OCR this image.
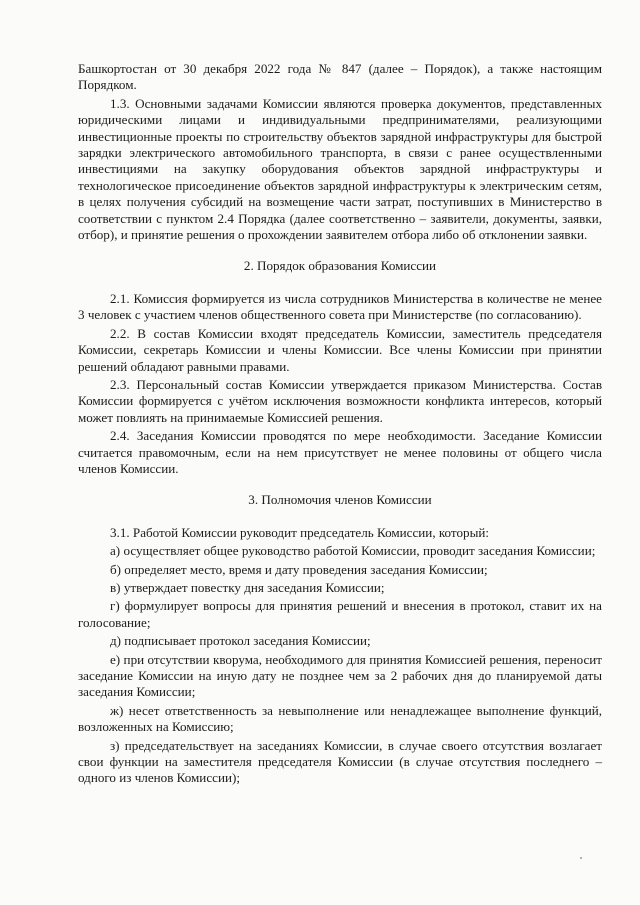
Башкортостан от 30 декабря 2022 года № 847 (далее – Порядок), а также настоящим Порядком.

1.3. Основными задачами Комиссии являются проверка документов, представленных юридическими лицами и индивидуальными предпринимателями, реализующими инвестиционные проекты по строительству объектов зарядной инфраструктуры для быстрой зарядки электрического автомобильного транспорта, в связи с ранее осуществленными инвестициями на закупку оборудования объектов зарядной инфраструктуры и технологическое присоединение объектов зарядной инфраструктуры к электрическим сетям, в целях получения субсидий на возмещение части затрат, поступивших в Министерство в соответствии с пунктом 2.4 Порядка (далее соответственно – заявители, документы, заявки, отбор), и принятие решения о прохождении заявителем отбора либо об отклонении заявки.

2. Порядок образования Комиссии

2.1. Комиссия формируется из числа сотрудников Министерства в количестве не менее 3 человек с участием членов общественного совета при Министерстве (по согласованию).

2.2. В состав Комиссии входят председатель Комиссии, заместитель председателя Комиссии, секретарь Комиссии и члены Комиссии. Все члены Комиссии при принятии решений обладают равными правами.

2.3. Персональный состав Комиссии утверждается приказом Министерства. Состав Комиссии формируется с учётом исключения возможности конфликта интересов, который может повлиять на принимаемые Комиссией решения.

2.4. Заседания Комиссии проводятся по мере необходимости. Заседание Комиссии считается правомочным, если на нем присутствует не менее половины от общего числа членов Комиссии.

3. Полномочия членов Комиссии

3.1. Работой Комиссии руководит председатель Комиссии, который:

а) осуществляет общее руководство работой Комиссии, проводит заседания Комиссии;

б) определяет место, время и дату проведения заседания Комиссии;

в) утверждает повестку дня заседания Комиссии;

г) формулирует вопросы для принятия решений и внесения в протокол, ставит их на голосование;

д) подписывает протокол заседания Комиссии;

е) при отсутствии кворума, необходимого для принятия Комиссией решения, переносит заседание Комиссии на иную дату не позднее чем за 2 рабочих дня до планируемой даты заседания Комиссии;

ж) несет ответственность за невыполнение или ненадлежащее выполнение функций, возложенных на Комиссию;

з) председательствует на заседаниях Комиссии, в случае своего отсутствия возлагает свои функции на заместителя председателя Комиссии (в случае отсутствия последнего – одного из членов Комиссии);
